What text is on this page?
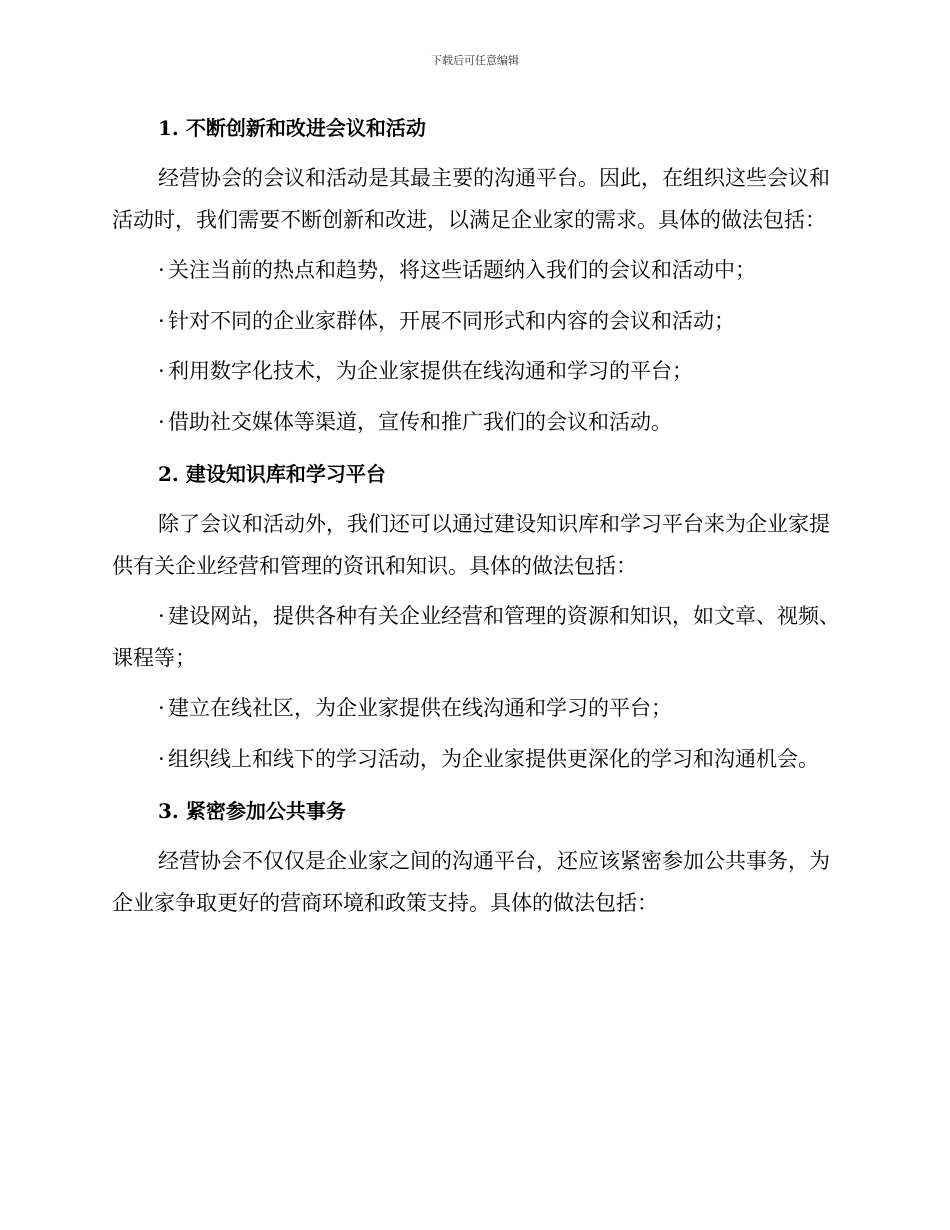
下载后可任意编辑
1. 不断创新和改进会议和活动

经营协会的会议和活动是其最主要的沟通平台。因此，在组织这些会议和活动时，我们需要不断创新和改进，以满足企业家的需求。具体的做法包括：

· 关注当前的热点和趋势，将这些话题纳入我们的会议和活动中；

· 针对不同的企业家群体，开展不同形式和内容的会议和活动；

· 利用数字化技术，为企业家提供在线沟通和学习的平台；

· 借助社交媒体等渠道，宣传和推广我们的会议和活动。

2. 建设知识库和学习平台

除了会议和活动外，我们还可以通过建设知识库和学习平台来为企业家提供有关企业经营和管理的资讯和知识。具体的做法包括：

· 建设网站，提供各种有关企业经营和管理的资源和知识，如文章、视频、课程等；

· 建立在线社区，为企业家提供在线沟通和学习的平台；

· 组织线上和线下的学习活动，为企业家提供更深化的学习和沟通机会。

3. 紧密参加公共事务

经营协会不仅仅是企业家之间的沟通平台，还应该紧密参加公共事务，为企业家争取更好的营商环境和政策支持。具体的做法包括：
